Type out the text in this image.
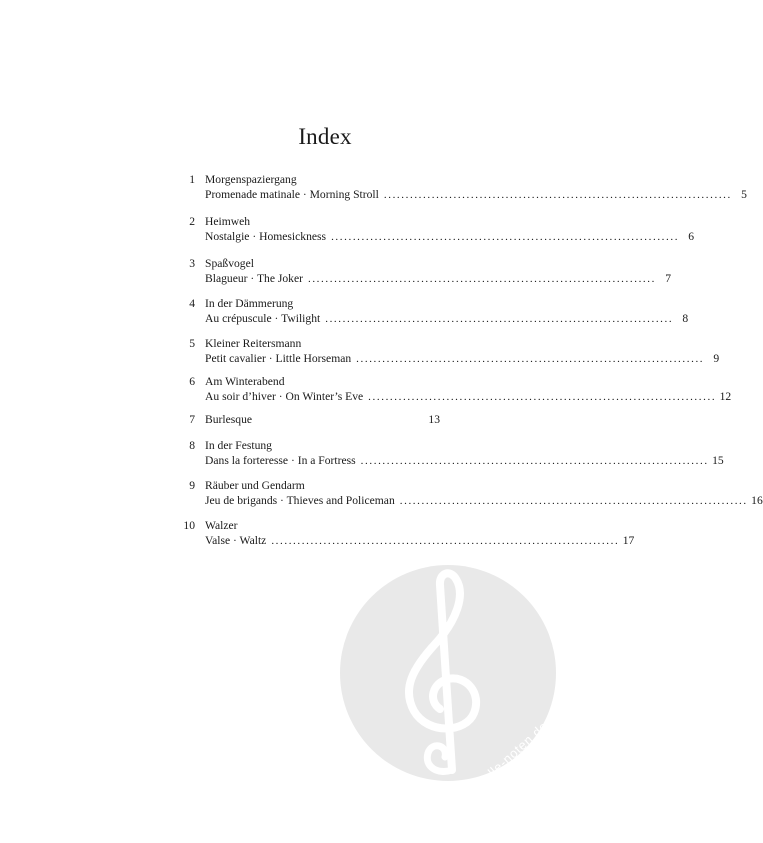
Index
1 Morgenspaziergang
Promenade matinale · Morning Stroll ................................................................................ 5
2 Heimweh
Nostalgie · Homesickness ................................................................................ 6
3 Spaßvogel
Blagueur · The Joker ................................................................................ 7
4 In der Dämmerung
Au crépuscule · Twilight ................................................................................ 8
5 Kleiner Reitersmann
Petit cavalier · Little Horseman ................................................................................ 9
6 Am Winterabend
Au soir d’hiver · On Winter’s Eve ................................................................................ 12
7 Burlesque	13
8 In der Festung
Dans la forteresse · In a Fortress ................................................................................ 15
9 Räuber und Gendarm
Jeu de brigands · Thieves and Policeman ................................................................................ 16
10 Walzer
Valse · Waltz ................................................................................ 17
alle-noten.de
